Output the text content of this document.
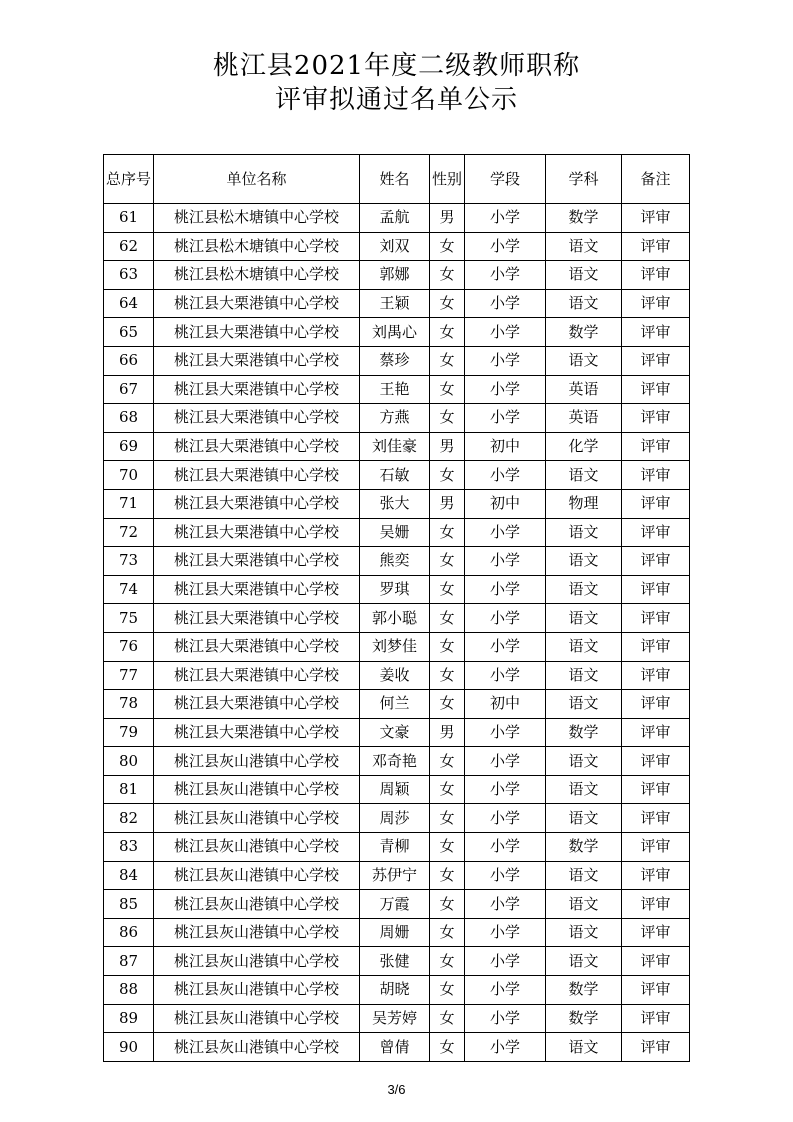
桃江县2021年度二级教师职称
评审拟通过名单公示
总序号	单位名称	姓名	性别	学段	学科	备注
61	桃江县松木塘镇中心学校	孟航	男	小学	数学	评审
62	桃江县松木塘镇中心学校	刘双	女	小学	语文	评审
63	桃江县松木塘镇中心学校	郭娜	女	小学	语文	评审
64	桃江县大栗港镇中心学校	王颖	女	小学	语文	评审
65	桃江县大栗港镇中心学校	刘禺心	女	小学	数学	评审
66	桃江县大栗港镇中心学校	蔡珍	女	小学	语文	评审
67	桃江县大栗港镇中心学校	王艳	女	小学	英语	评审
68	桃江县大栗港镇中心学校	方燕	女	小学	英语	评审
69	桃江县大栗港镇中心学校	刘佳豪	男	初中	化学	评审
70	桃江县大栗港镇中心学校	石敏	女	小学	语文	评审
71	桃江县大栗港镇中心学校	张大	男	初中	物理	评审
72	桃江县大栗港镇中心学校	吴姗	女	小学	语文	评审
73	桃江县大栗港镇中心学校	熊奕	女	小学	语文	评审
74	桃江县大栗港镇中心学校	罗琪	女	小学	语文	评审
75	桃江县大栗港镇中心学校	郭小聪	女	小学	语文	评审
76	桃江县大栗港镇中心学校	刘梦佳	女	小学	语文	评审
77	桃江县大栗港镇中心学校	姜收	女	小学	语文	评审
78	桃江县大栗港镇中心学校	何兰	女	初中	语文	评审
79	桃江县大栗港镇中心学校	文豪	男	小学	数学	评审
80	桃江县灰山港镇中心学校	邓奇艳	女	小学	语文	评审
81	桃江县灰山港镇中心学校	周颖	女	小学	语文	评审
82	桃江县灰山港镇中心学校	周莎	女	小学	语文	评审
83	桃江县灰山港镇中心学校	青柳	女	小学	数学	评审
84	桃江县灰山港镇中心学校	苏伊宁	女	小学	语文	评审
85	桃江县灰山港镇中心学校	万霞	女	小学	语文	评审
86	桃江县灰山港镇中心学校	周姗	女	小学	语文	评审
87	桃江县灰山港镇中心学校	张健	女	小学	语文	评审
88	桃江县灰山港镇中心学校	胡晓	女	小学	数学	评审
89	桃江县灰山港镇中心学校	吴芳婷	女	小学	数学	评审
90	桃江县灰山港镇中心学校	曾倩	女	小学	语文	评审
3/6
